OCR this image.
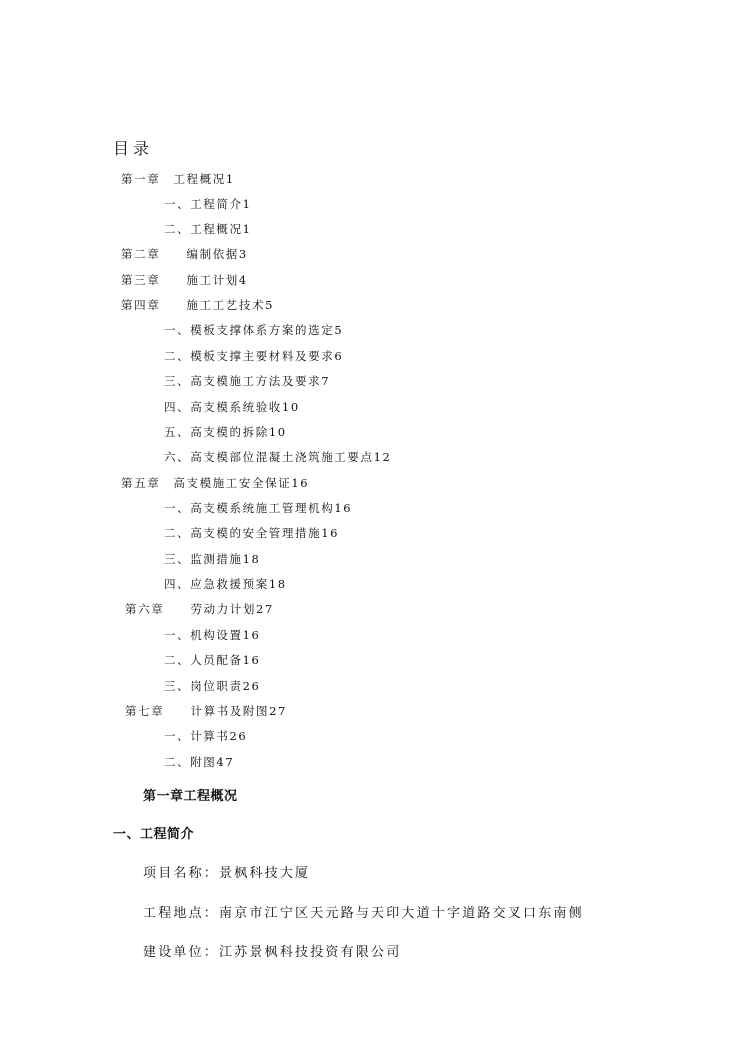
目录
第一章　工程概况1
一、工程简介1
二、工程概况1
第二章　　编制依据3
第三章　　施工计划4
第四章　　施工工艺技术5
一、模板支撑体系方案的选定5
二、模板支撑主要材料及要求6
三、高支模施工方法及要求7
四、高支模系统验收10
五、高支模的拆除10
六、高支模部位混凝土浇筑施工要点12
第五章　高支模施工安全保证16
一、高支模系统施工管理机构16
二、高支模的安全管理措施16
三、监测措施18
四、应急救援预案18
第六章　　劳动力计划27
一、机构设置16
二、人员配备16
三、岗位职责26
第七章　　计算书及附图27
一、计算书26
二、附图47
第一章工程概况
一、工程简介
项目名称：景枫科技大厦
工程地点：南京市江宁区天元路与天印大道十字道路交叉口东南侧
建设单位：江苏景枫科技投资有限公司
